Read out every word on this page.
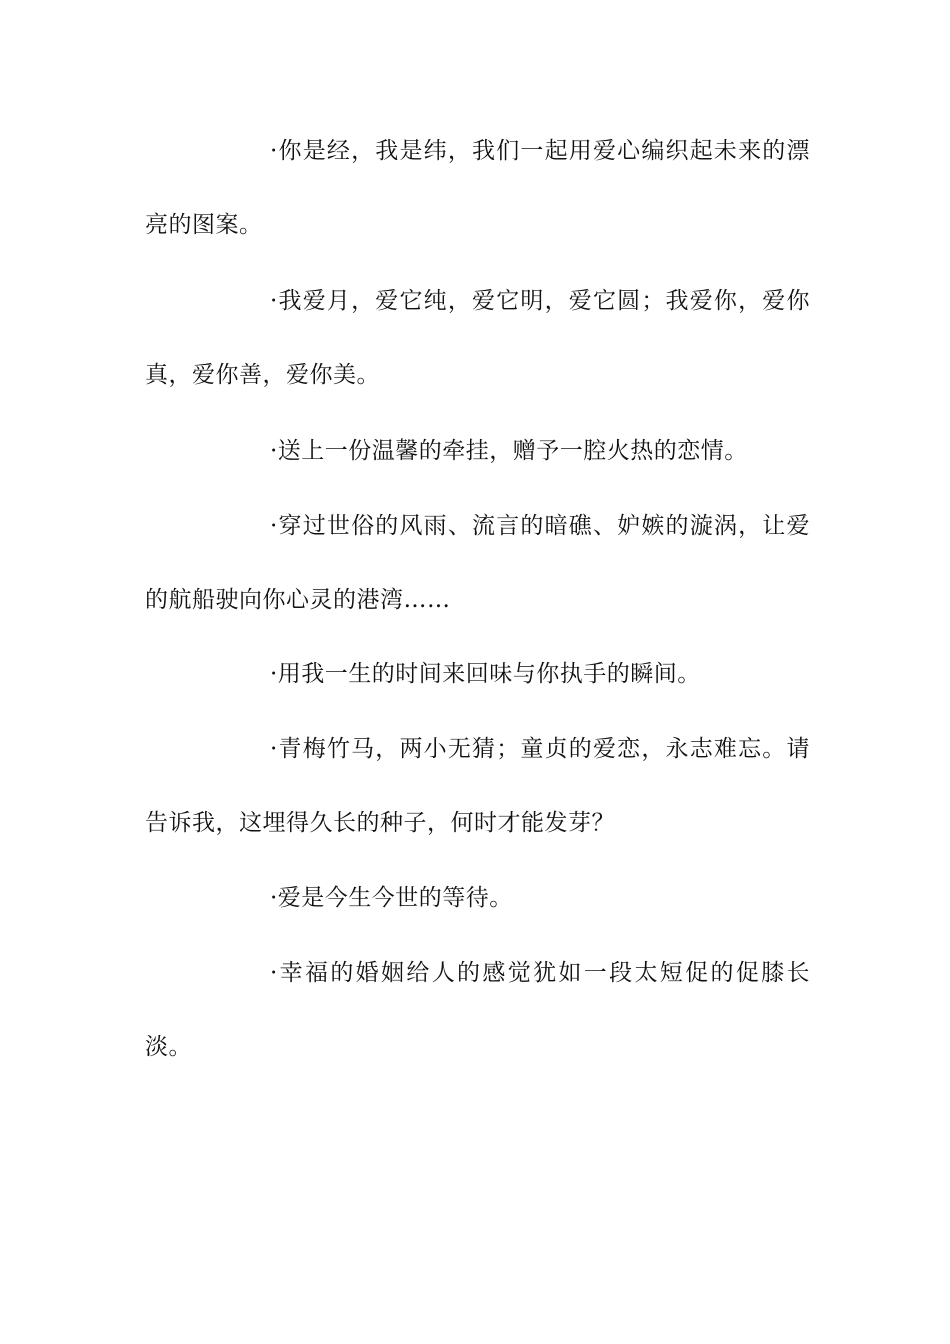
·你是经，我是纬，我们一起用爱心编织起未来的漂亮的图案。

·我爱月，爱它纯，爱它明，爱它圆；我爱你，爱你真，爱你善，爱你美。

·送上一份温馨的牵挂，赠予一腔火热的恋情。

·穿过世俗的风雨、流言的暗礁、妒嫉的漩涡，让爱的航船驶向你心灵的港湾……

·用我一生的时间来回味与你执手的瞬间。

·青梅竹马，两小无猜；童贞的爱恋，永志难忘。请告诉我，这埋得久长的种子，何时才能发芽？

·爱是今生今世的等待。

·幸福的婚姻给人的感觉犹如一段太短促的促膝长淡。
